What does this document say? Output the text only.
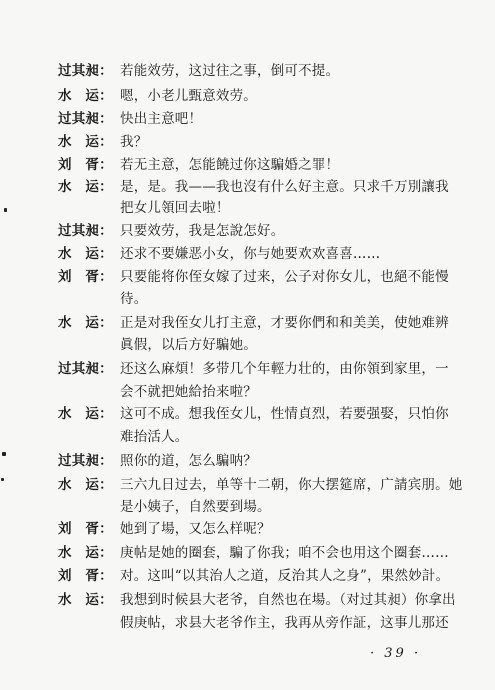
· 39 ·
过其昶： 若能效劳，这过往之事，倒可不提。
水　运： 嗯，小老儿甄意效劳。
过其昶： 快出主意吧！
水　运： 我？
刘　胥： 若无主意，怎能饒过你这騙婚之罪！
水　运： 是，是。我——我也沒有什么好主意。只求千万別讓我
把女儿領回去啦！
过其昶： 只要效劳，我是怎說怎好。
水　运： 还求不要嫌恶小女，你与她要欢欢喜喜……
刘　胥： 只要能将你侄女嫁了过来，公子对你女儿，也絕不能慢
待。
水　运： 正是对我侄女儿打主意，才要你們和和美美，使她难辨
眞假，以后方好騙她。
过其昶： 还这么麻煩！多带几个年輕力壮的，由你領到家里，一
会不就把她給抬来啦？
水　运： 这可不成。想我侄女儿，性情貞烈，若要强娶，只怕你
难抬活人。
过其昶： 照你的道，怎么騙呐？
水　运： 三六九日过去，单等十二朝，你大摆筵席，广請宾朋。她
是小姨子，自然要到場。
刘　胥： 她到了場，又怎么样呢？
水　运： 庚帖是她的圈套，騙了你我；咱不会也用这个圈套……
刘　胥： 对。这叫“以其治人之道，反治其人之身”，果然妙計。
水　运： 我想到时候县大老爷，自然也在場。（对过其昶）你拿出
假庚帖，求县大老爷作主，我再从旁作証，这事儿那还
